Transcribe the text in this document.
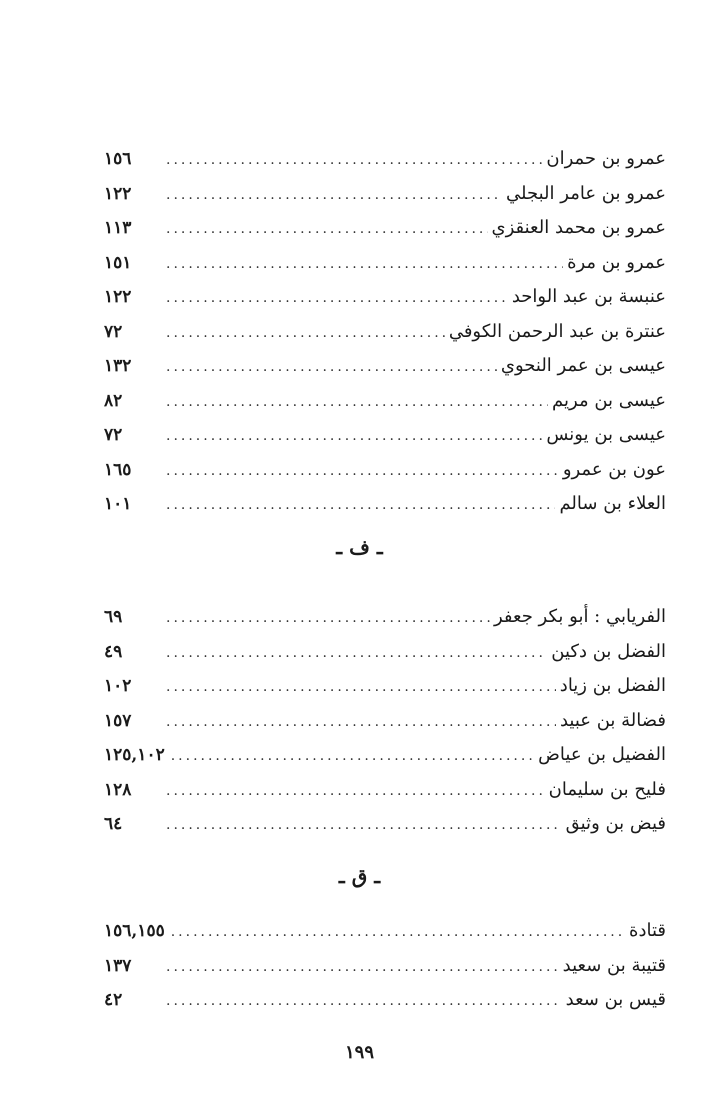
عمرو بن حمران
.....
١٥٦
عمرو بن عامر البجلي
.....
١٢٢
عمرو بن محمد العنقزي
.....
١١٣
عمرو بن مرة
.....
١٥١
عنبسة بن عبد الواحد
.....
١٢٢
عنترة بن عبد الرحمن الكوفي
.....
٧٢
عيسى بن عمر النحوي
.....
١٣٢
عيسى بن مريم
.....
٨٢
عيسى بن يونس
.....
٧٢
عون بن عمرو
.....
١٦٥
العلاء بن سالم
.....
١٠١
ـ ف ـ
الفريابي : أبو بكر جعفر
.....
٦٩
الفضل بن دكين
.....
٤٩
الفضل بن زياد
.....
١٠٢
فضالة بن عبيد
.....
١٥٧
الفضيل بن عياض
.....
١٢٥,١٠٢
فليح بن سليمان
.....
١٢٨
فيض بن وثيق
.....
٦٤
ـ ق ـ
قتادة
.....
١٥٦,١٥٥
قتيبة بن سعيد
.....
١٣٧
قيس بن سعد
.....
٤٢
١٩٩
